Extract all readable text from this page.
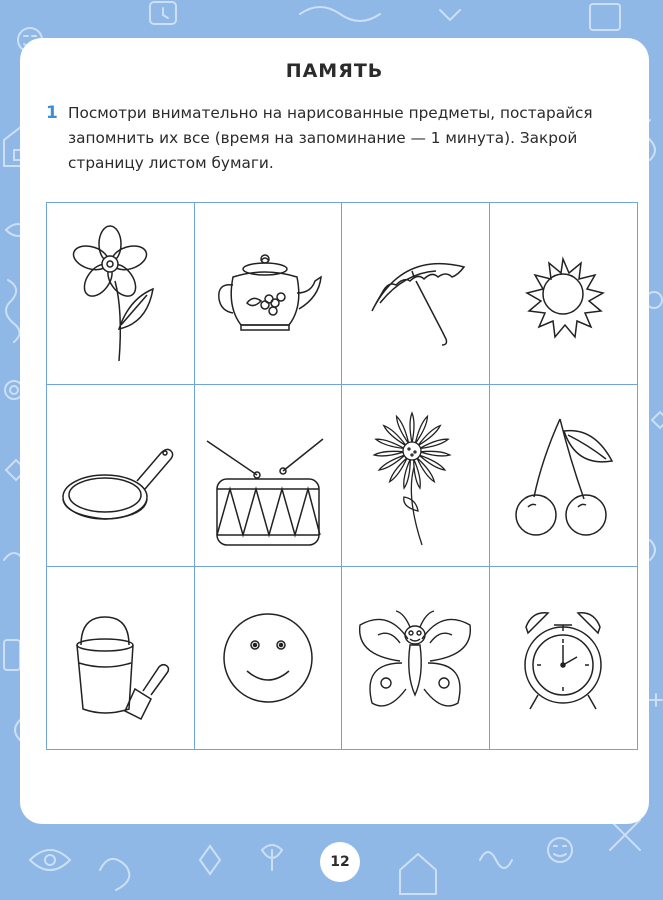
ПАМЯТЬ
1 Посмотри внимательно на нарисованные предметы, постарайся запомнить их все (время на запоминание — 1 минута). Закрой страницу листом бумаги.

12
